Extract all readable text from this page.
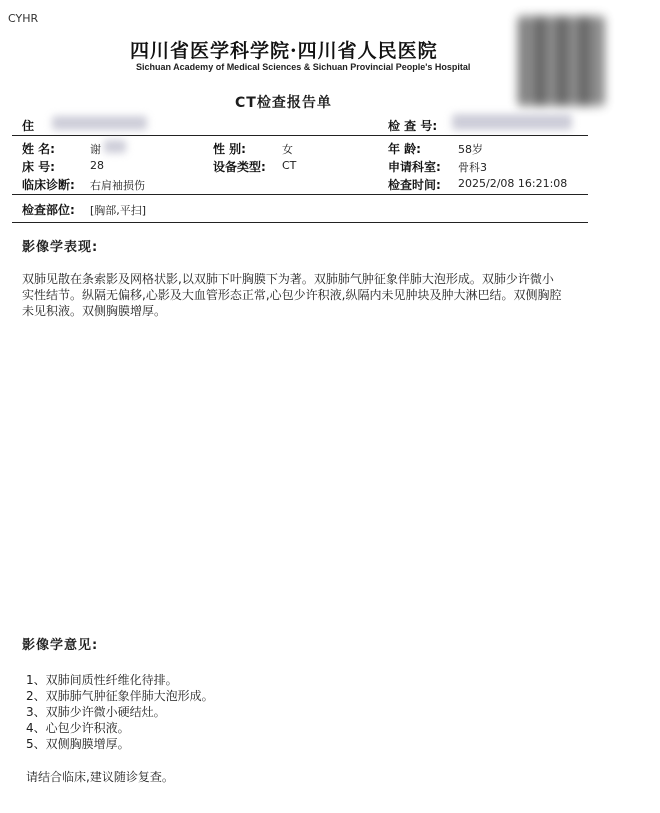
CYHR
四川省医学科学院·四川省人民医院
Sichuan Academy of Medical Sciences & Sichuan Provincial People's Hospital
CT检查报告单
住	检 查 号:
姓 名:	谢	性 别:	女	年 龄:	58岁
床 号:	28	设备类型: CT	申请科室: 骨科3
临床诊断: 右肩袖损伤	检查时间: 2025/2/08 16:21:08
检查部位: [胸部,平扫]
影像学表现:
双肺见散在条索影及网格状影,以双肺下叶胸膜下为著。双肺肺气肿征象伴肺大泡形成。双肺少许微小实性结节。纵隔无偏移,心影及大血管形态正常,心包少许积液,纵隔内未见肿块及肿大淋巴结。双侧胸腔未见积液。双侧胸膜增厚。
影像学意见:
1、双肺间质性纤维化待排。
2、双肺肺气肿征象伴肺大泡形成。
3、双肺少许微小硬结灶。
4、心包少许积液。
5、双侧胸膜增厚。
请结合临床,建议随诊复查。
